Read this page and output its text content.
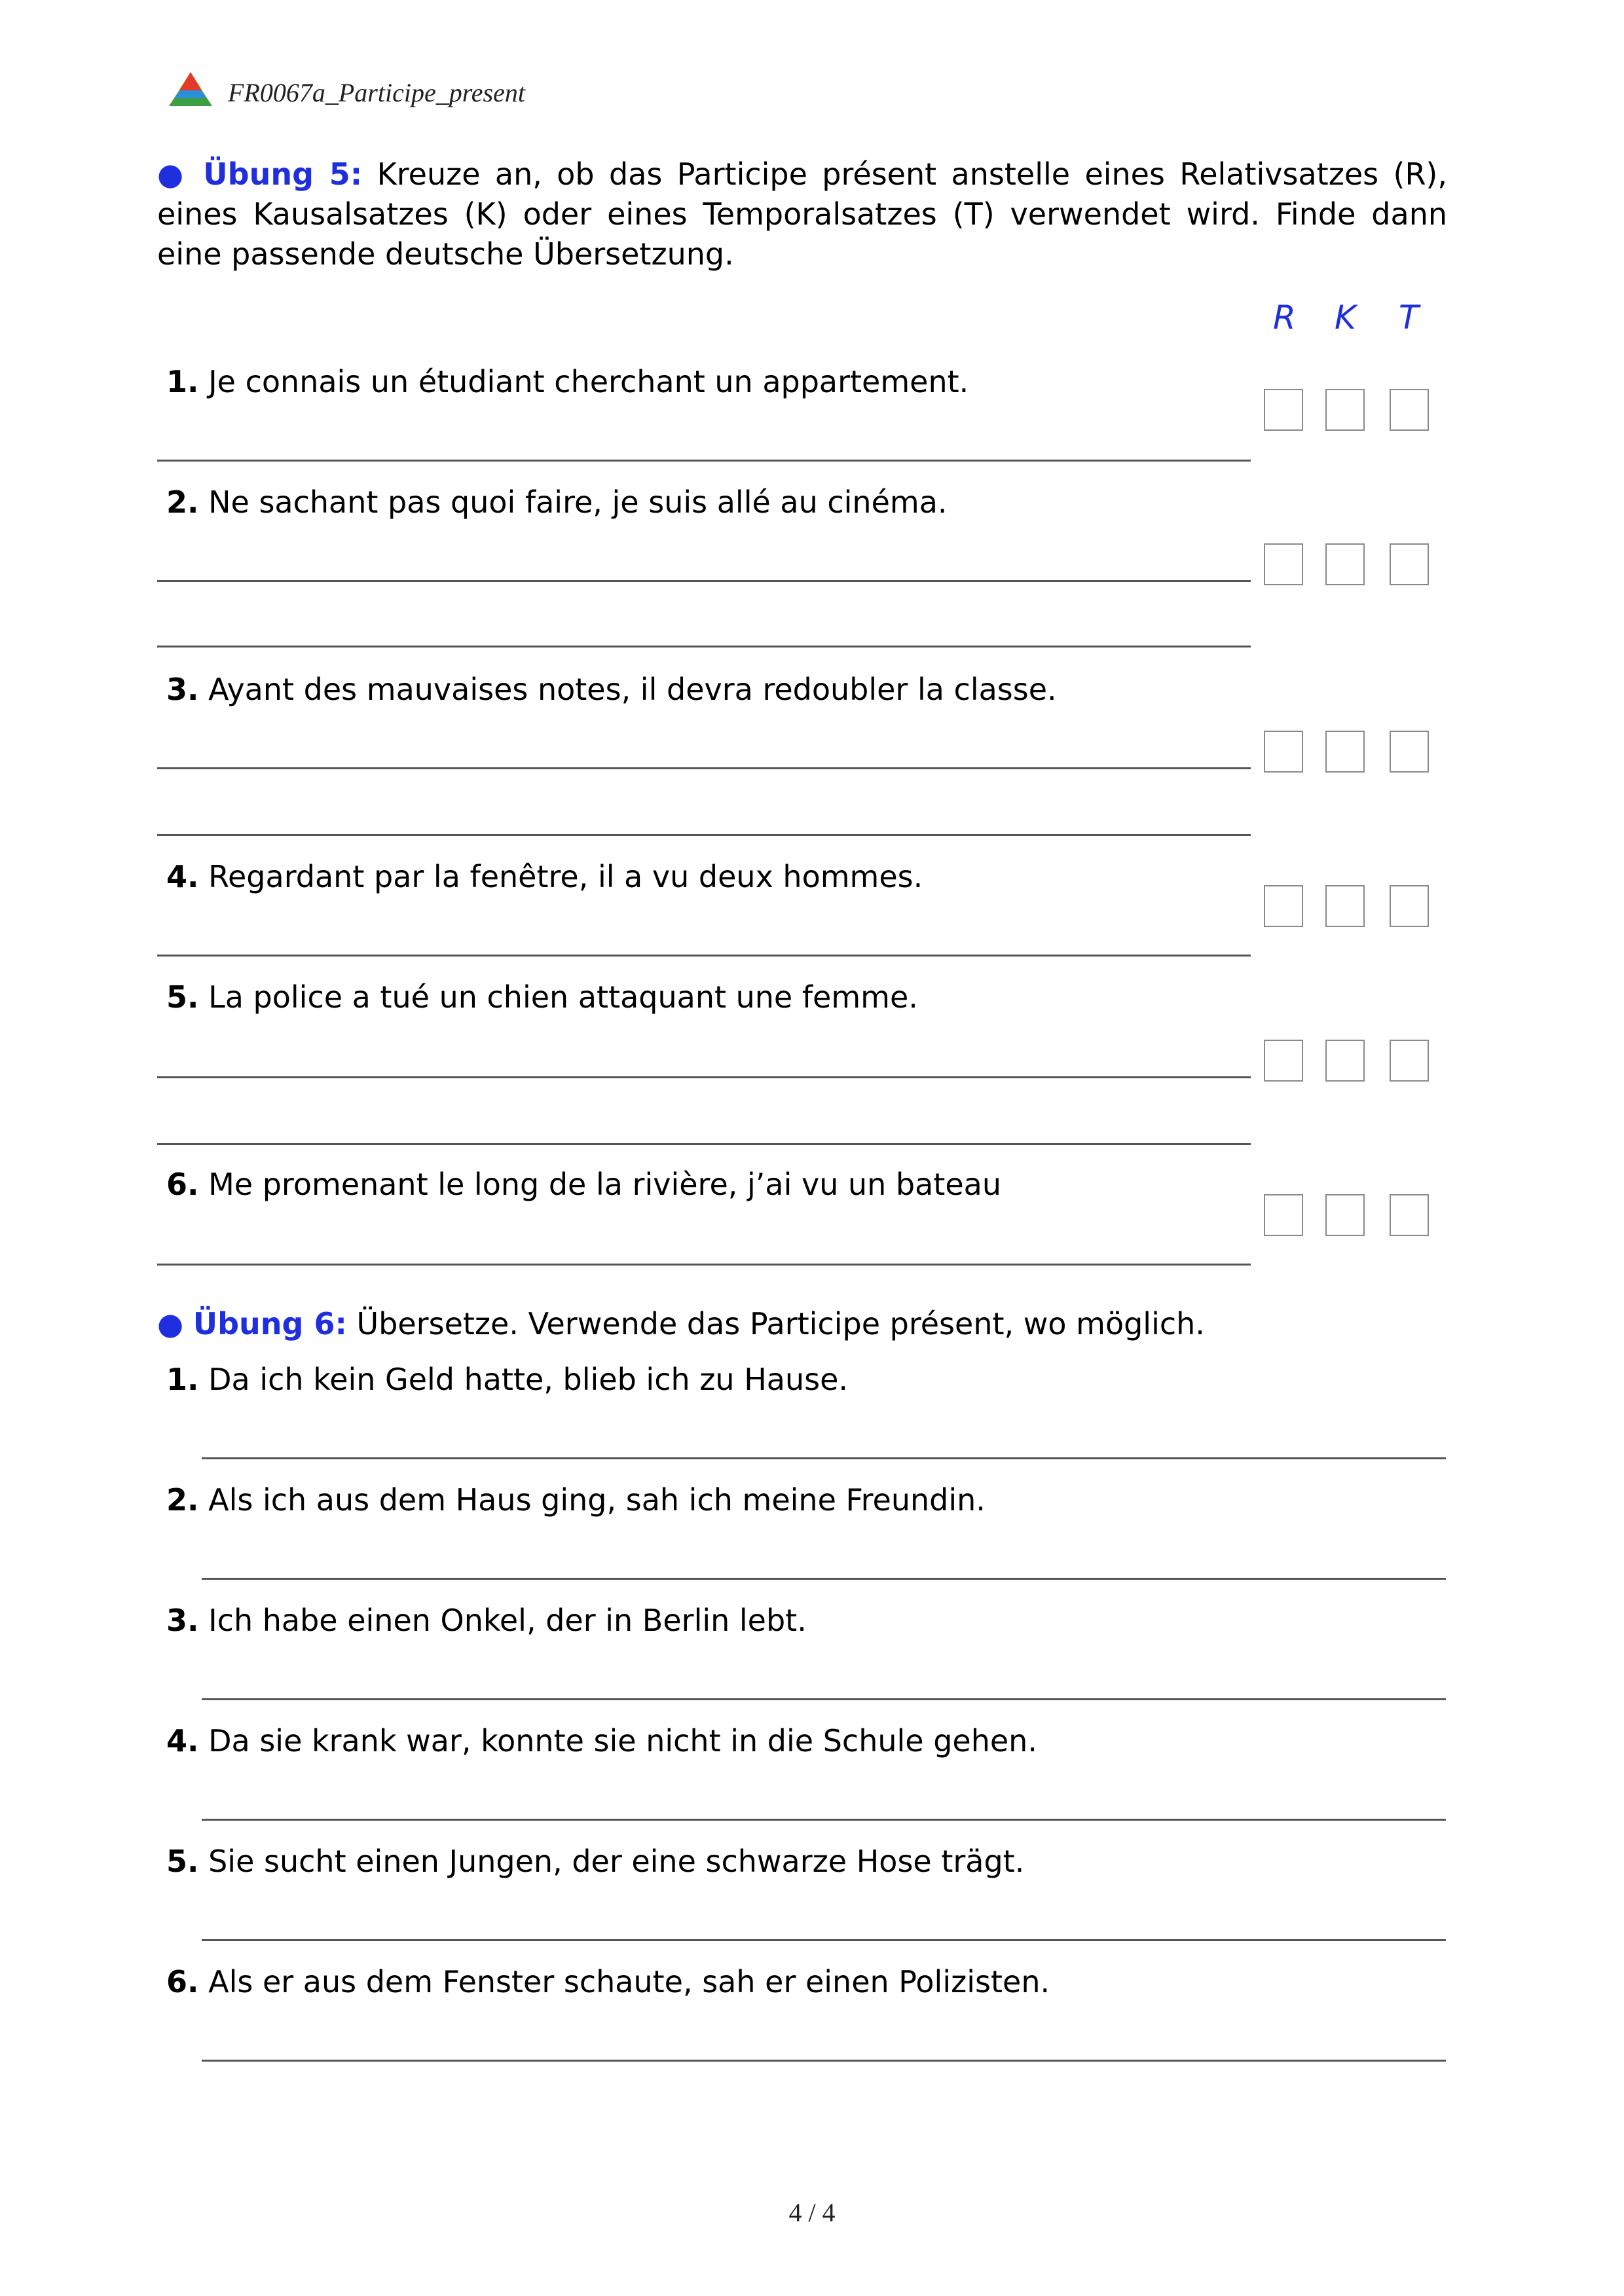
FR0067a_Participe_present
● Übung 5: Kreuze an, ob das Participe présent anstelle eines Relativsatzes (R), eines Kausalsatzes (K) oder eines Temporalsatzes (T) verwendet wird. Finde dann eine passende deutsche Übersetzung.
R K T
1. Je connais un étudiant cherchant un appartement.
2. Ne sachant pas quoi faire, je suis allé au cinéma.
3. Ayant des mauvaises notes, il devra redoubler la classe.
4. Regardant par la fenêtre, il a vu deux hommes.
5. La police a tué un chien attaquant une femme.
6. Me promenant le long de la rivière, j’ai vu un bateau
● Übung 6: Übersetze. Verwende das Participe présent, wo möglich.
1. Da ich kein Geld hatte, blieb ich zu Hause.
2. Als ich aus dem Haus ging, sah ich meine Freundin.
3. Ich habe einen Onkel, der in Berlin lebt.
4. Da sie krank war, konnte sie nicht in die Schule gehen.
5. Sie sucht einen Jungen, der eine schwarze Hose trägt.
6. Als er aus dem Fenster schaute, sah er einen Polizisten.
4 / 4
